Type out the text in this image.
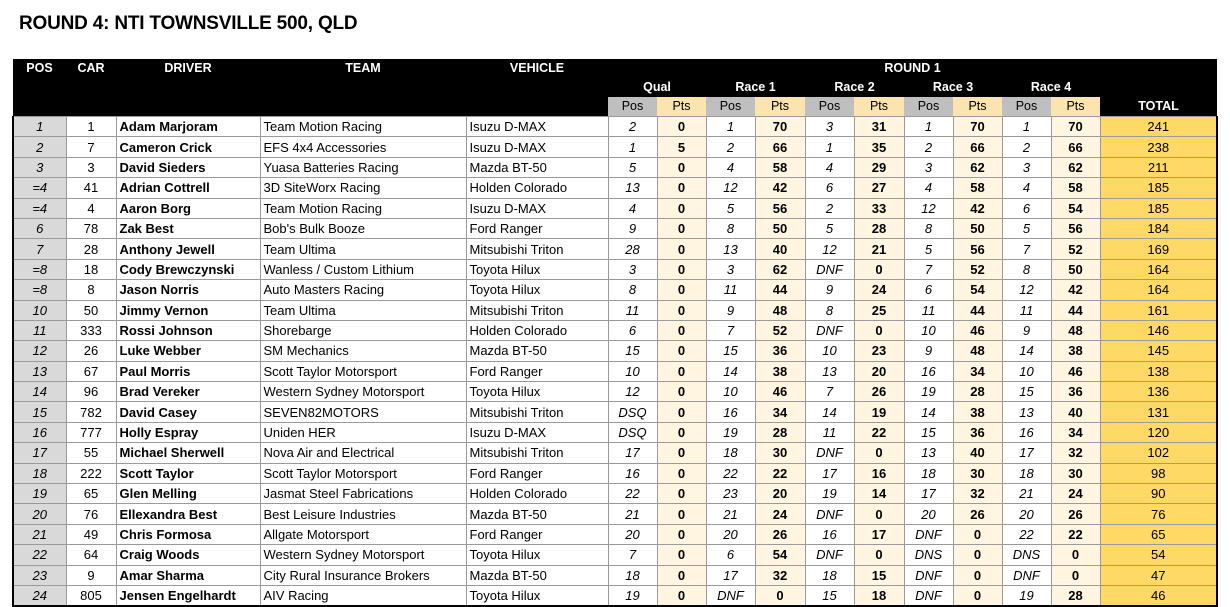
ROUND 4: NTI TOWNSVILLE 500, QLD
POS	CAR	DRIVER	TEAM	VEHICLE	ROUND 1										
					Qual		Race 1		Race 2		Race 3		Race 4		
					Pos	Pts	Pos	Pts	Pos	Pts	Pos	Pts	Pos	Pts	TOTAL
1	1	Adam Marjoram	Team Motion Racing	Isuzu D-MAX	2	0	1	70	3	31	1	70	1	70	241
2	7	Cameron Crick	EFS 4x4 Accessories	Isuzu D-MAX	1	5	2	66	1	35	2	66	2	66	238
3	3	David Sieders	Yuasa Batteries Racing	Mazda BT-50	5	0	4	58	4	29	3	62	3	62	211
=4	41	Adrian Cottrell	3D SiteWorx Racing	Holden Colorado	13	0	12	42	6	27	4	58	4	58	185
=4	4	Aaron Borg	Team Motion Racing	Isuzu D-MAX	4	0	5	56	2	33	12	42	6	54	185
6	78	Zak Best	Bob's Bulk Booze	Ford Ranger	9	0	8	50	5	28	8	50	5	56	184
7	28	Anthony Jewell	Team Ultima	Mitsubishi Triton	28	0	13	40	12	21	5	56	7	52	169
=8	18	Cody Brewczynski	Wanless / Custom Lithium	Toyota Hilux	3	0	3	62	DNF	0	7	52	8	50	164
=8	8	Jason Norris	Auto Masters Racing	Toyota Hilux	8	0	11	44	9	24	6	54	12	42	164
10	50	Jimmy Vernon	Team Ultima	Mitsubishi Triton	11	0	9	48	8	25	11	44	11	44	161
11	333	Rossi Johnson	Shorebarge	Holden Colorado	6	0	7	52	DNF	0	10	46	9	48	146
12	26	Luke Webber	SM Mechanics	Mazda BT-50	15	0	15	36	10	23	9	48	14	38	145
13	67	Paul Morris	Scott Taylor Motorsport	Ford Ranger	10	0	14	38	13	20	16	34	10	46	138
14	96	Brad Vereker	Western Sydney Motorsport	Toyota Hilux	12	0	10	46	7	26	19	28	15	36	136
15	782	David Casey	SEVEN82MOTORS	Mitsubishi Triton	DSQ	0	16	34	14	19	14	38	13	40	131
16	777	Holly Espray	Uniden HER	Isuzu D-MAX	DSQ	0	19	28	11	22	15	36	16	34	120
17	55	Michael Sherwell	Nova Air and Electrical	Mitsubishi Triton	17	0	18	30	DNF	0	13	40	17	32	102
18	222	Scott Taylor	Scott Taylor Motorsport	Ford Ranger	16	0	22	22	17	16	18	30	18	30	98
19	65	Glen Melling	Jasmat Steel Fabrications	Holden Colorado	22	0	23	20	19	14	17	32	21	24	90
20	76	Ellexandra Best	Best Leisure Industries	Mazda BT-50	21	0	21	24	DNF	0	20	26	20	26	76
21	49	Chris Formosa	Allgate Motorsport	Ford Ranger	20	0	20	26	16	17	DNF	0	22	22	65
22	64	Craig Woods	Western Sydney Motorsport	Toyota Hilux	7	0	6	54	DNF	0	DNS	0	DNS	0	54
23	9	Amar Sharma	City Rural Insurance Brokers	Mazda BT-50	18	0	17	32	18	15	DNF	0	DNF	0	47
24	805	Jensen Engelhardt	AIV Racing	Toyota Hilux	19	0	DNF	0	15	18	DNF	0	19	28	46
